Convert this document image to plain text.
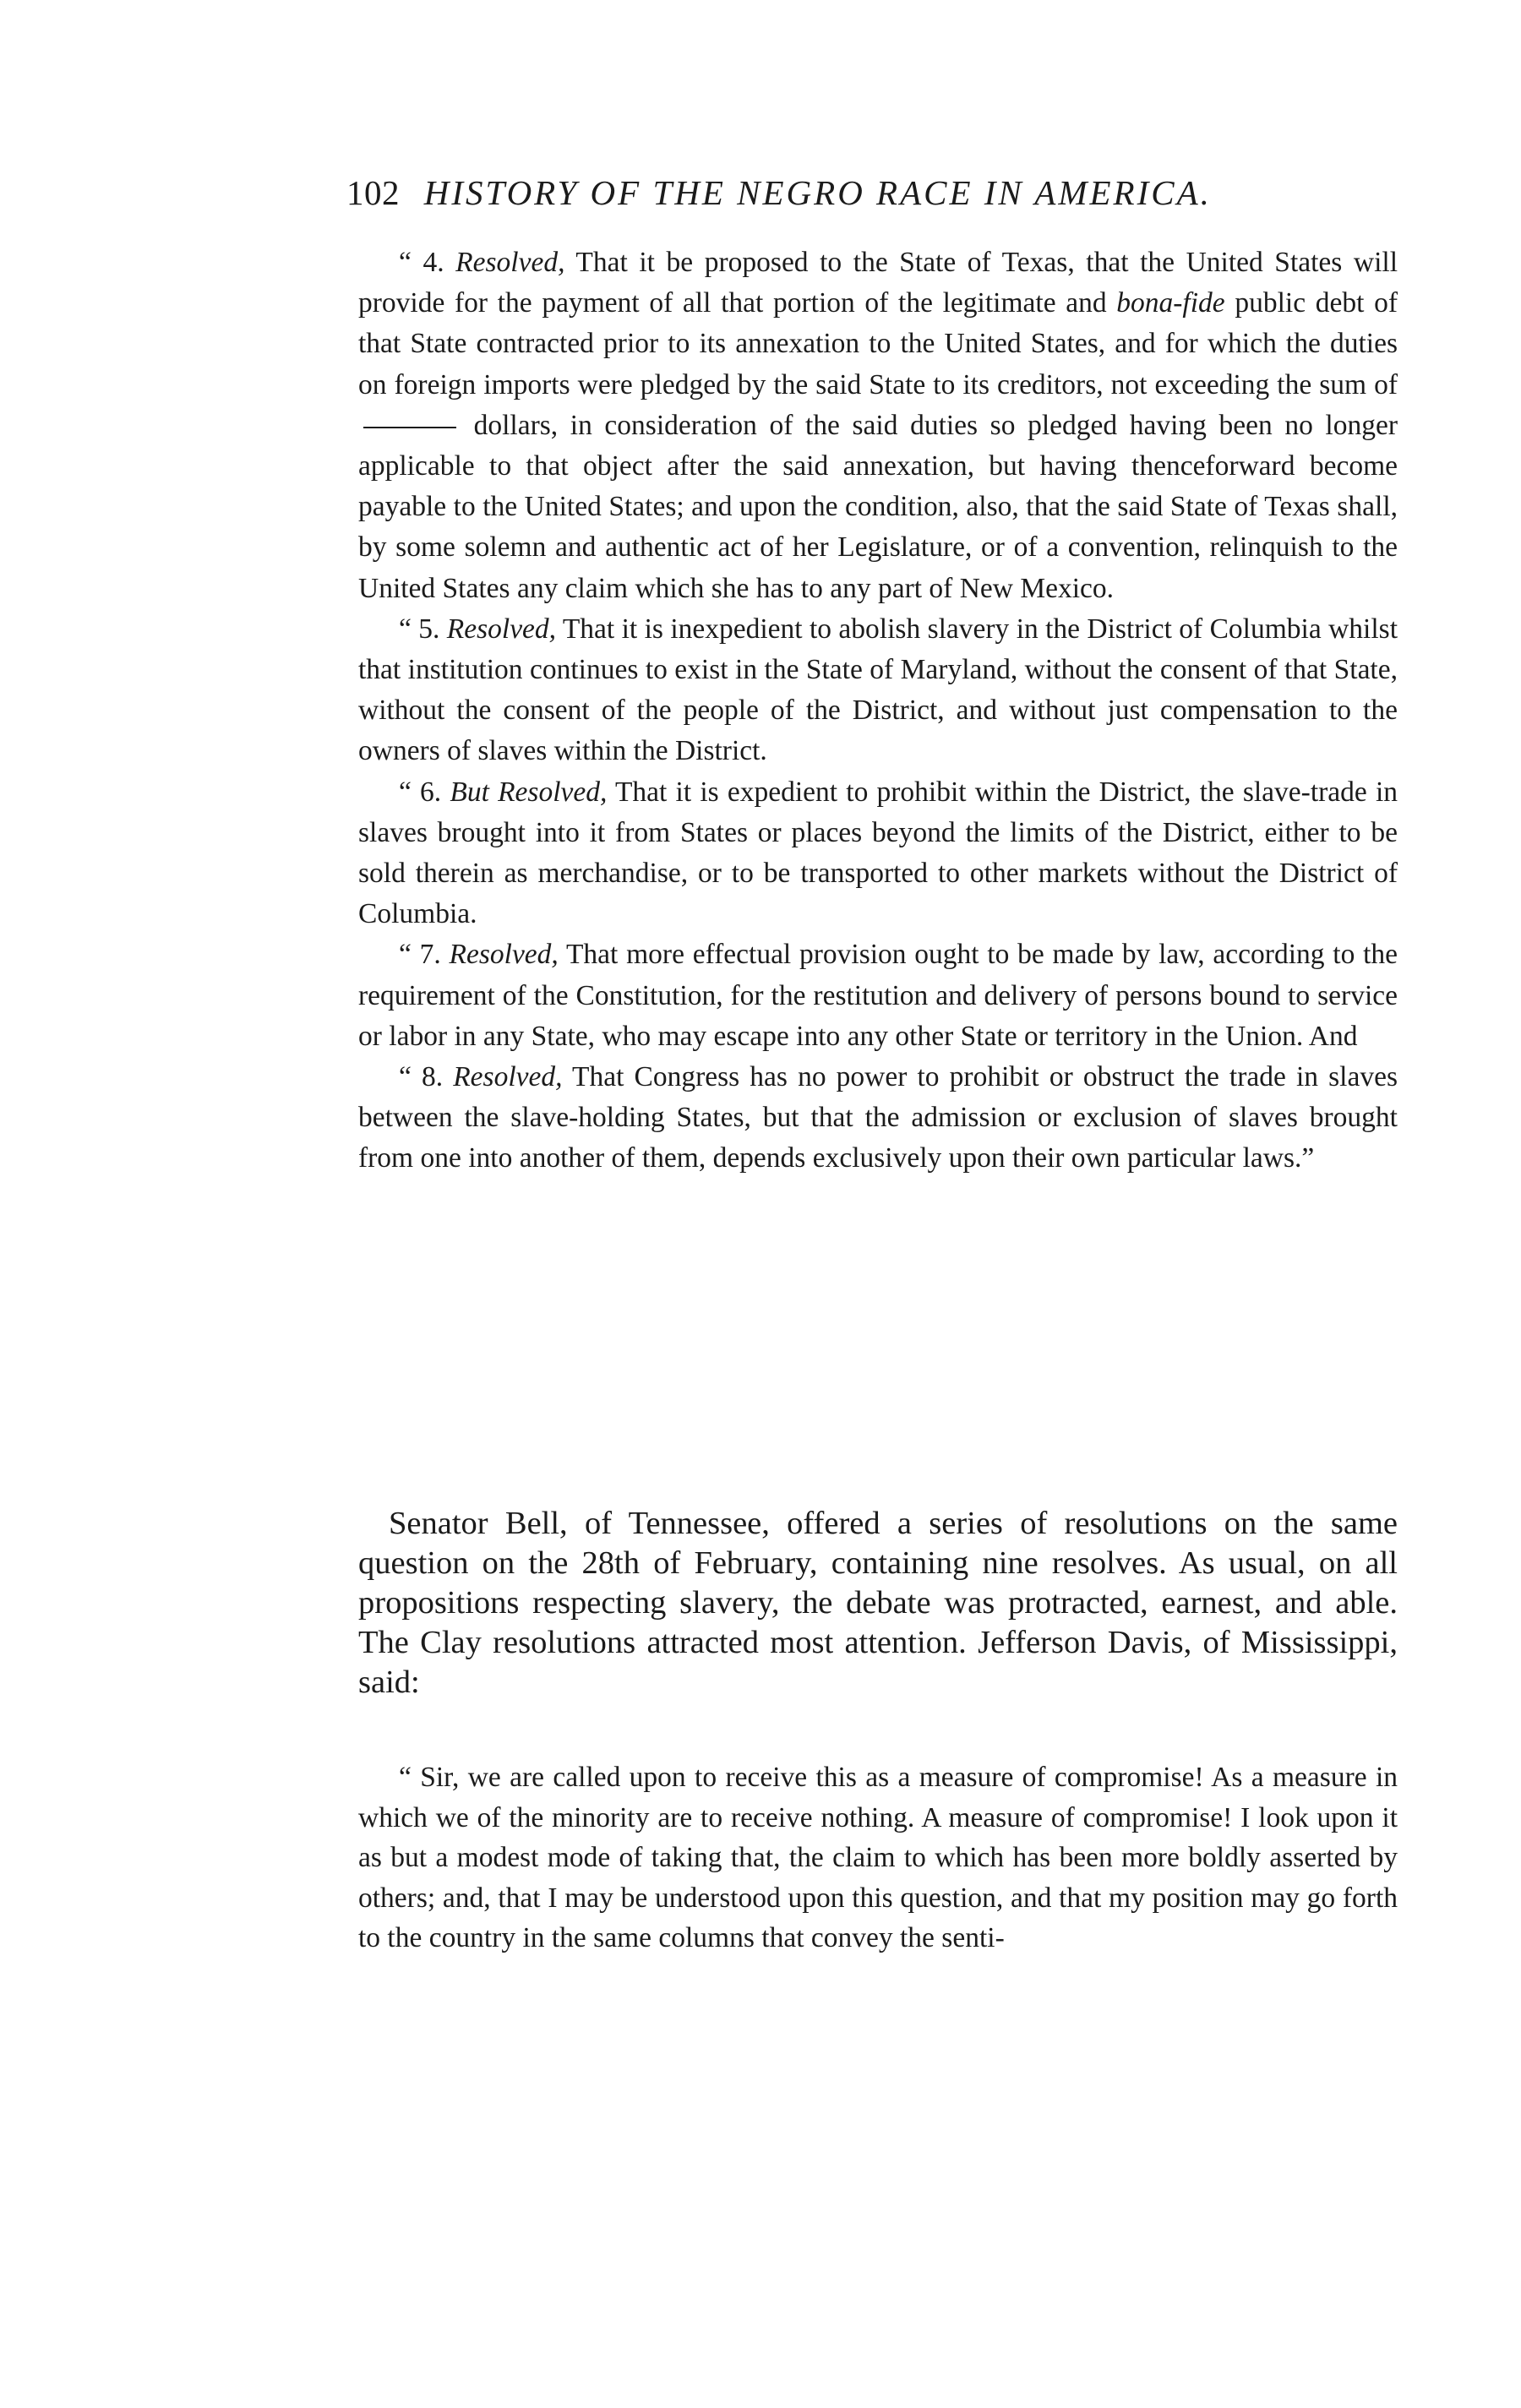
102 HISTORY OF THE NEGRO RACE IN AMERICA.

“ 4. Resolved, That it be proposed to the State of Texas, that the United States will provide for the payment of all that portion of the legitimate and bona-fide public debt of that State contracted prior to its annexation to the United States, and for which the duties on foreign imports were pledged by the said State to its creditors, not exceeding the sum of  dollars, in consideration of the said duties so pledged having been no longer applicable to that object after the said annexation, but having thenceforward become payable to the United States; and upon the condition, also, that the said State of Texas shall, by some solemn and authentic act of her Legislature, or of a convention, relinquish to the United States any claim which she has to any part of New Mexico.

“ 5. Resolved, That it is inexpedient to abolish slavery in the District of Columbia whilst that institution continues to exist in the State of Maryland, without the consent of that State, without the consent of the people of the District, and without just compensation to the owners of slaves within the District.

“ 6. But Resolved, That it is expedient to prohibit within the District, the slave-trade in slaves brought into it from States or places beyond the limits of the District, either to be sold therein as merchandise, or to be transported to other markets without the District of Columbia.

“ 7. Resolved, That more effectual provision ought to be made by law, according to the requirement of the Constitution, for the restitution and delivery of persons bound to service or labor in any State, who may escape into any other State or territory in the Union. And

“ 8. Resolved, That Congress has no power to prohibit or obstruct the trade in slaves between the slave-holding States, but that the admission or exclusion of slaves brought from one into another of them, depends exclusively upon their own particular laws.”

Senator Bell, of Tennessee, offered a series of resolutions on the same question on the 28th of February, containing nine resolves. As usual, on all propositions respecting slavery, the debate was protracted, earnest, and able. The Clay resolutions attracted most attention. Jefferson Davis, of Mississippi, said:

“ Sir, we are called upon to receive this as a measure of compromise! As a measure in which we of the minority are to receive nothing. A measure of compromise! I look upon it as but a modest mode of taking that, the claim to which has been more boldly asserted by others; and, that I may be understood upon this question, and that my position may go forth to the country in the same columns that convey the senti-
